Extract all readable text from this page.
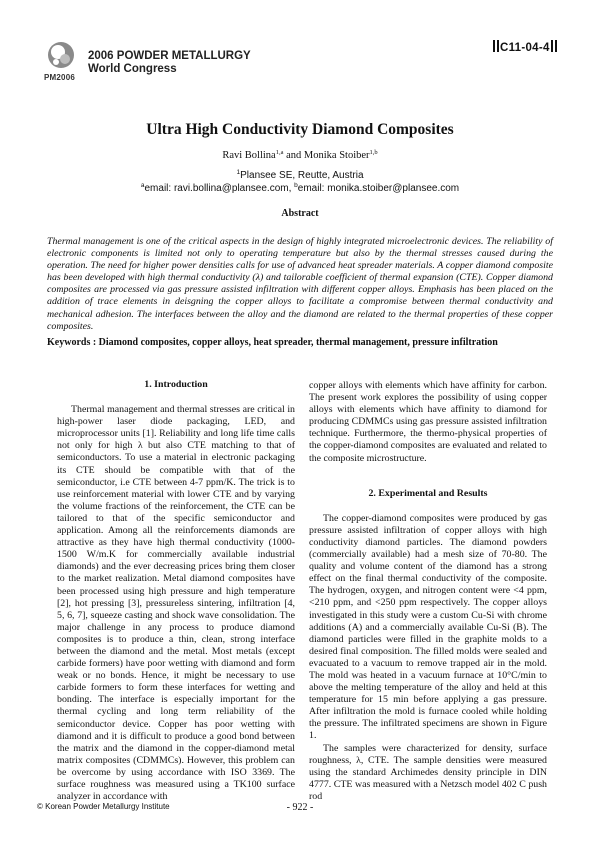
PM2006
2006 POWDER METALLURGY
World Congress
C11-04-4
Ultra High Conductivity Diamond Composites
Ravi Bollina$^{1,a}$ and Monika Stoiber$^{1,b}$
$^1$Plansee SE, Reutte, Austria
$^a$email: ravi.bollina@plansee.com, $^b$email: monika.stoiber@plansee.com
Abstract

Thermal management is one of the critical aspects in the design of highly integrated microelectronic devices. The reliability of electronic components is limited not only to operating temperature but also by the thermal stresses caused during the operation. The need for higher power densities calls for use of advanced heat spreader materials. A copper diamond composite has been developed with high thermal conductivity (λ) and tailorable coefficient of thermal expansion (CTE). Copper diamond composites are processed via gas pressure assisted infiltration with different copper alloys. Emphasis has been placed on the addition of trace elements in deisgning the copper alloys to facilitate a compromise between thermal conductivity and mechanical adhesion. The interfaces between the alloy and the diamond are related to the thermal properties of these copper composites.

Keywords : Diamond composites, copper alloys, heat spreader, thermal management, pressure infiltration

1. Introduction

Thermal management and thermal stresses are critical in high-power laser diode packaging, LED, and microprocessor units [1]. Reliability and long life time calls not only for high λ but also CTE matching to that of semiconductors. To use a material in electronic packaging its CTE should be compatible with that of the semiconductor, i.e CTE between 4-7 ppm/K. The trick is to use reinforcement material with lower CTE and by varying the volume fractions of the reinforcement, the CTE can be tailored to that of the specific semiconductor and application. Among all the reinforcements diamonds are attractive as they have high thermal conductivity (1000-1500 W/m.K for commercially available industrial diamonds) and the ever decreasing prices bring them closer to the market realization. Metal diamond composites have been processed using high pressure and high temperature [2], hot pressing [3], pressureless sintering, infiltration [4, 5, 6, 7], squeeze casting and shock wave consolidation. The major challenge in any process to produce diamond composites is to produce a thin, clean, strong interface between the diamond and the metal. Most metals (except carbide formers) have poor wetting with diamond and form weak or no bonds. Hence, it might be necessary to use carbide formers to form these interfaces for wetting and bonding. The interface is especially important for the thermal cycling and long term reliability of the semiconductor device. Copper has poor wetting with diamond and it is difficult to produce a good bond between the matrix and the diamond in the copper-diamond metal matrix composites (CDMMCs). However, this problem can be overcome by using accordance with ISO 3369. The surface roughness was measured using a TK100 surface analyzer in accordance with

copper alloys with elements which have affinity for carbon. The present work explores the possibility of using copper alloys with elements which have affinity to diamond for producing CDMMCs using gas pressure assisted infiltration technique. Furthermore, the thermo-physical properties of the copper-diamond composites are evaluated and related to the composite microstructure.

2. Experimental and Results

The copper-diamond composites were produced by gas pressure assisted infiltration of copper alloys with high conductivity diamond particles. The diamond powders (commercially available) had a mesh size of 70-80. The quality and volume content of the diamond has a strong effect on the final thermal conductivity of the composite. The hydrogen, oxygen, and nitrogen content were <4 ppm, <210 ppm, and <250 ppm respectively. The copper alloys investigated in this study were a custom Cu-Si with chrome additions (A) and a commercially available Cu-Si (B). The diamond particles were filled in the graphite molds to a desired final composition. The filled molds were sealed and evacuated to a vacuum to remove trapped air in the mold. The mold was heated in a vacuum furnace at 10°C/min to above the melting temperature of the alloy and held at this temperature for 15 min before applying a gas pressure. After infiltration the mold is furnace cooled while holding the pressure. The infiltrated specimens are shown in Figure 1.

The samples were characterized for density, surface roughness, λ, CTE. The sample densities were measured using the standard Archimedes density principle in DIN 4777. CTE was measured with a Netzsch model 402 C push rod

© Korean Powder Metallurgy Institute	- 922 -
